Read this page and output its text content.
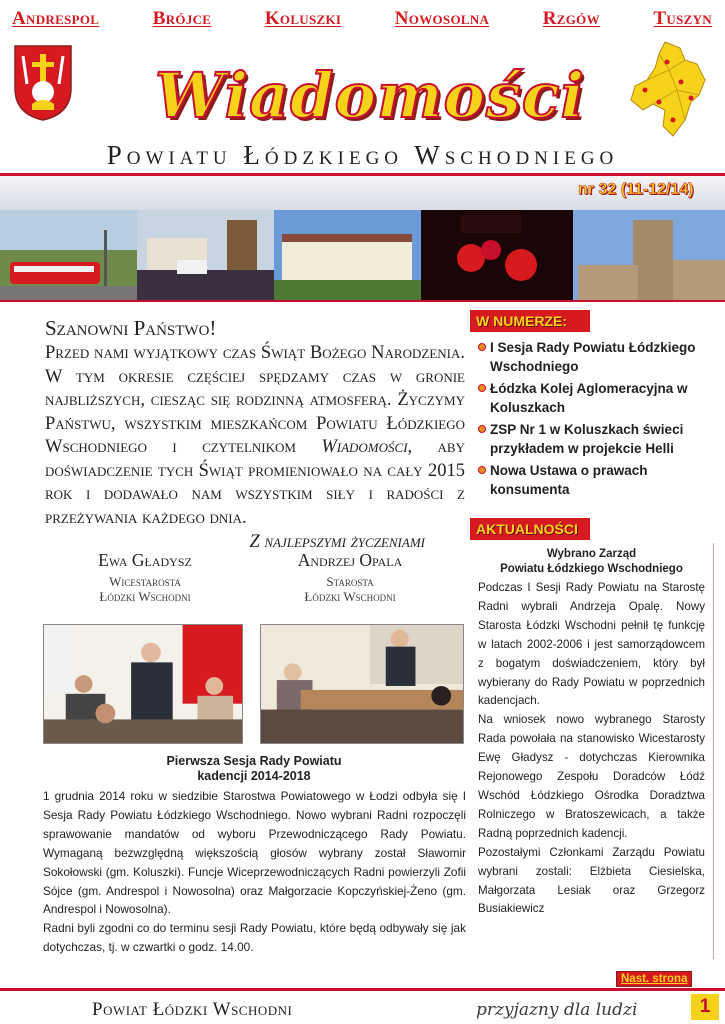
Andrespol	Brójce	Koluszki	Nowosolna	Rzgów	Tuszyn
Wiadomości
Powiatu Łódzkiego Wschodniego
nr 32 (11-12/14)
Szanowni Państwo!
Przed nami wyjątkowy czas Świąt Bożego Narodzenia. W tym okresie częściej spędzamy czas w gronie najbliższych, ciesząc się rodzinną atmosferą. Życzymy Państwu, wszystkim mieszkańcom Powiatu Łódzkiego Wschodniego i czytelnikom Wiadomości, aby doświadczenie tych Świąt promieniowało na cały 2015 rok i dodawało nam wszystkim siły i radości z przeżywania każdego dnia.
Z najlepszymi życzeniami
Ewa Gładysz
Wicestarosta
Łódzki Wschodni
Andrzej Opala
Starosta
Łódzki Wschodni
Pierwsza Sesja Rady Powiatu
kadencji 2014-2018

1 grudnia 2014 roku w siedzibie Starostwa Powiatowego w Łodzi odbyła się I Sesja Rady Powiatu Łódzkiego Wschodniego. Nowo wybrani Radni rozpoczęli sprawowanie mandatów od wyboru Przewodniczącego Rady Powiatu. Wymaganą bezwzględną większością głosów wybrany został Sławomir Sokołowski (gm. Koluszki). Funcje Wiceprzewodniczących Radni powierzyli Zofii Sójce (gm. Andrespol i Nowosolna) oraz Małgorzacie Kopczyńskiej-Żeno (gm. Andrespol i Nowosolna).

Radni byli zgodni co do terminu sesji Rady Powiatu, które będą odbywały się jak dotychczas, tj. w czwartki o godz. 14.00.

W NUMERZE:
I Sesja Rady Powiatu Łódzkiego Wschodniego
Łódzka Kolej Aglomeracyjna w Koluszkach
ZSP Nr 1 w Koluszkach świeci przykładem w projekcie Helli
Nowa Ustawa o prawach konsumenta
AKTUALNOŚCI
Wybrano Zarząd
Powiatu Łódzkiego Wschodniego

Podczas I Sesji Rady Powiatu na Starostę Radni wybrali Andrzeja Opalę. Nowy Starosta Łódzki Wschodni pełnił tę funkcję w latach 2002-2006 i jest samorządowcem z bogatym doświadczeniem, który był wybierany do Rady Powiatu w poprzednich kadencjach.

Na wniosek nowo wybranego Starosty Rada powołała na stanowisko Wicestarosty Ewę Gładysz - dotychczas Kierownika Rejonowego Zespołu Doradców Łódź Wschód Łódzkiego Ośrodka Doradztwa Rolniczego w Bratoszewicach, a także Radną poprzednich kadencji.

Pozostałymi Członkami Zarządu Powiatu wybrani zostali: Elżbieta Ciesielska, Małgorzata Lesiak oraz Grzegorz Busiakiewicz

Nast. strona
Powiat Łódzki Wschodni	przyjazny dla ludzi	1
